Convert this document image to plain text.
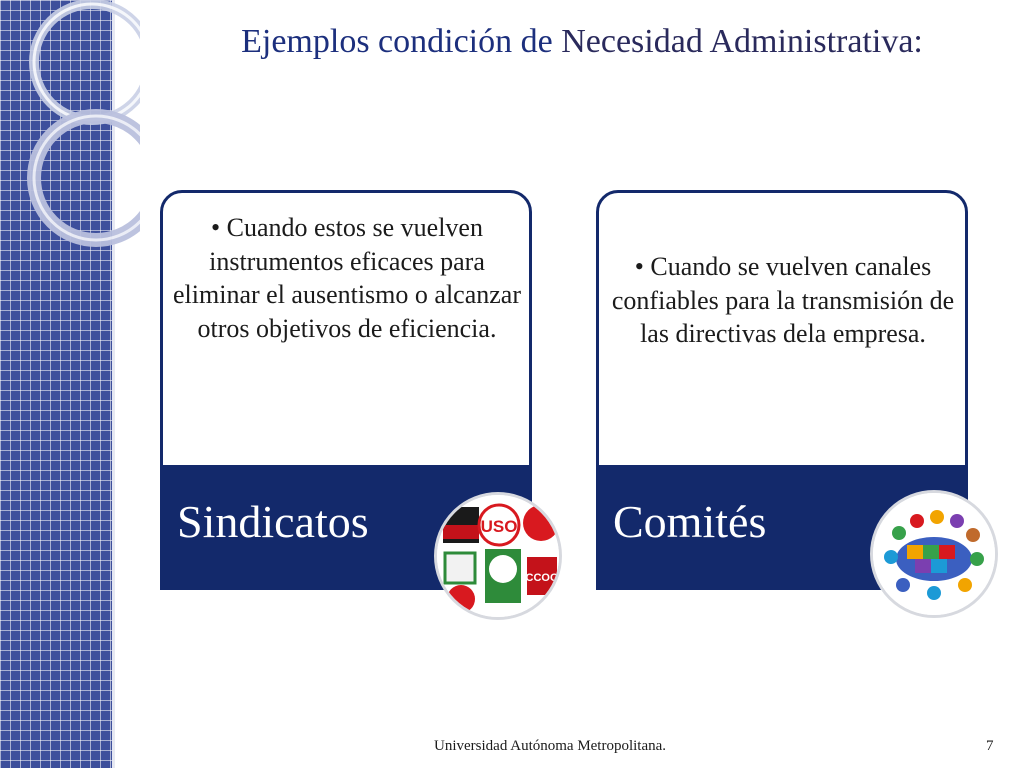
Ejemplos condición de Necesidad Administrativa:
• Cuando estos se vuelven instrumentos eficaces para eliminar el ausentismo o alcanzar otros objetivos de eficiencia.
Sindicatos
• Cuando se vuelven canales confiables para la transmisión de las directivas dela empresa.
Comités
USO
CCOO
Universidad Autónoma Metropolitana.	7
